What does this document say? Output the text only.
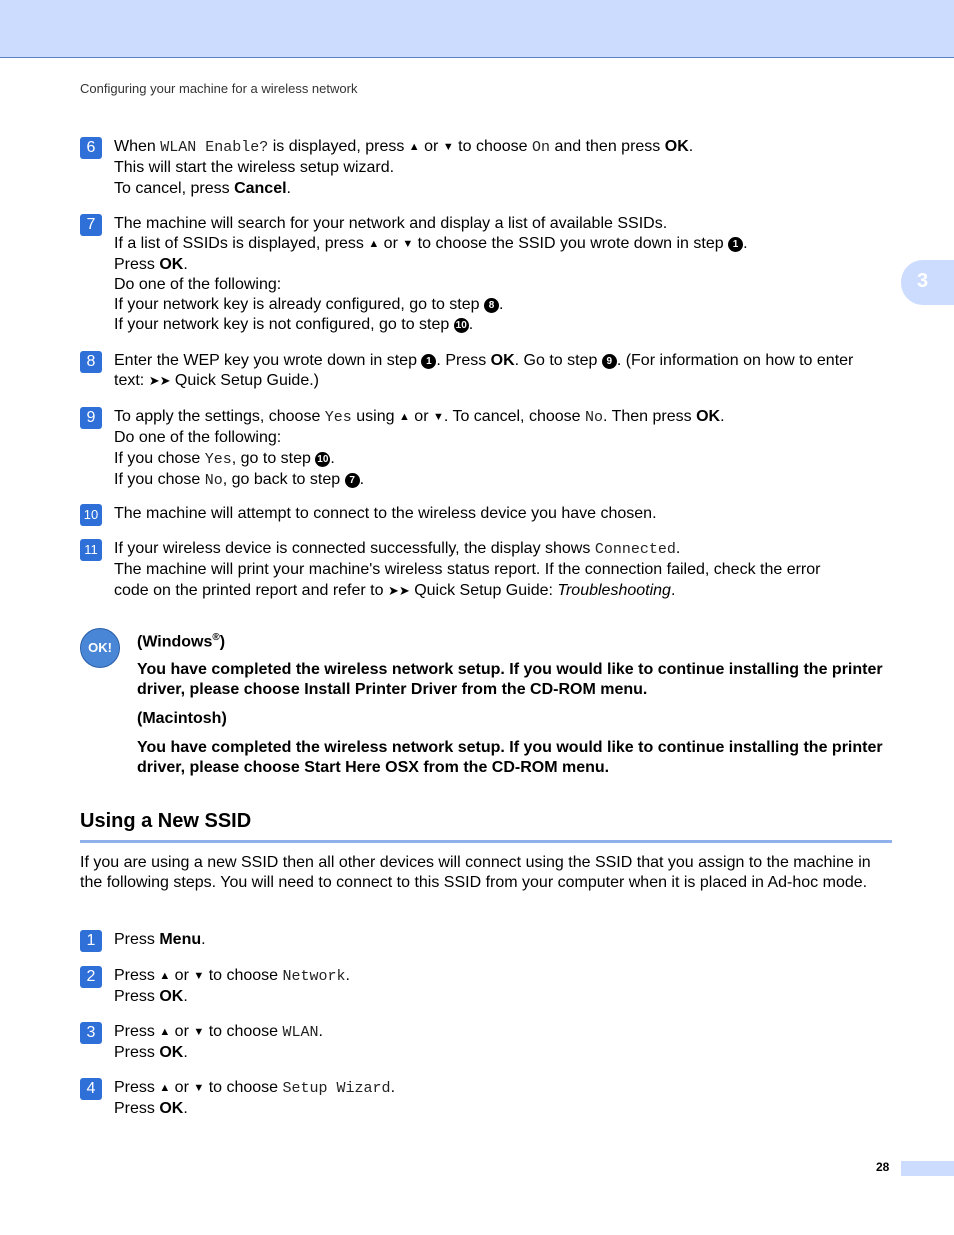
Configuring your machine for a wireless network
3
6	When WLAN Enable? is displayed, press ▲ or ▼ to choose On and then press OK.
This will start the wireless setup wizard.
To cancel, press Cancel.
7	The machine will search for your network and display a list of available SSIDs.
If a list of SSIDs is displayed, press ▲ or ▼ to choose the SSID you wrote down in step 1 .
Press OK.
Do one of the following:
If your network key is already configured, go to step 8 .
If your network key is not configured, go to step 10 .
8	Enter the WEP key you wrote down in step 1 . Press OK. Go to step 9 . (For information on how to enter
text: ➤➤ Quick Setup Guide.)
9	To apply the settings, choose Yes using ▲ or ▼. To cancel, choose No. Then press OK.
Do one of the following:
If you chose Yes, go to step 10 .
If you chose No, go back to step 7 .
10 The machine will attempt to connect to the wireless device you have chosen.
11 If your wireless device is connected successfully, the display shows Connected.
The machine will print your machine's wireless status report. If the connection failed, check the error
code on the printed report and refer to ➤➤ Quick Setup Guide: Troubleshooting.
OK!	(Windows®)

You have completed the wireless network setup. If you would like to continue installing the printer driver, please choose Install Printer Driver from the CD-ROM menu.

(Macintosh)

You have completed the wireless network setup. If you would like to continue installing the printer driver, please choose Start Here OSX from the CD-ROM menu.

Using a New SSID
If you are using a new SSID then all other devices will connect using the SSID that you assign to the machine in the following steps. You will need to connect to this SSID from your computer when it is placed in Ad-hoc mode.
1	Press Menu.
2	Press ▲ or ▼ to choose Network.
Press OK.
3	Press ▲ or ▼ to choose WLAN.
Press OK.
4	Press ▲ or ▼ to choose Setup Wizard.
Press OK.
28
